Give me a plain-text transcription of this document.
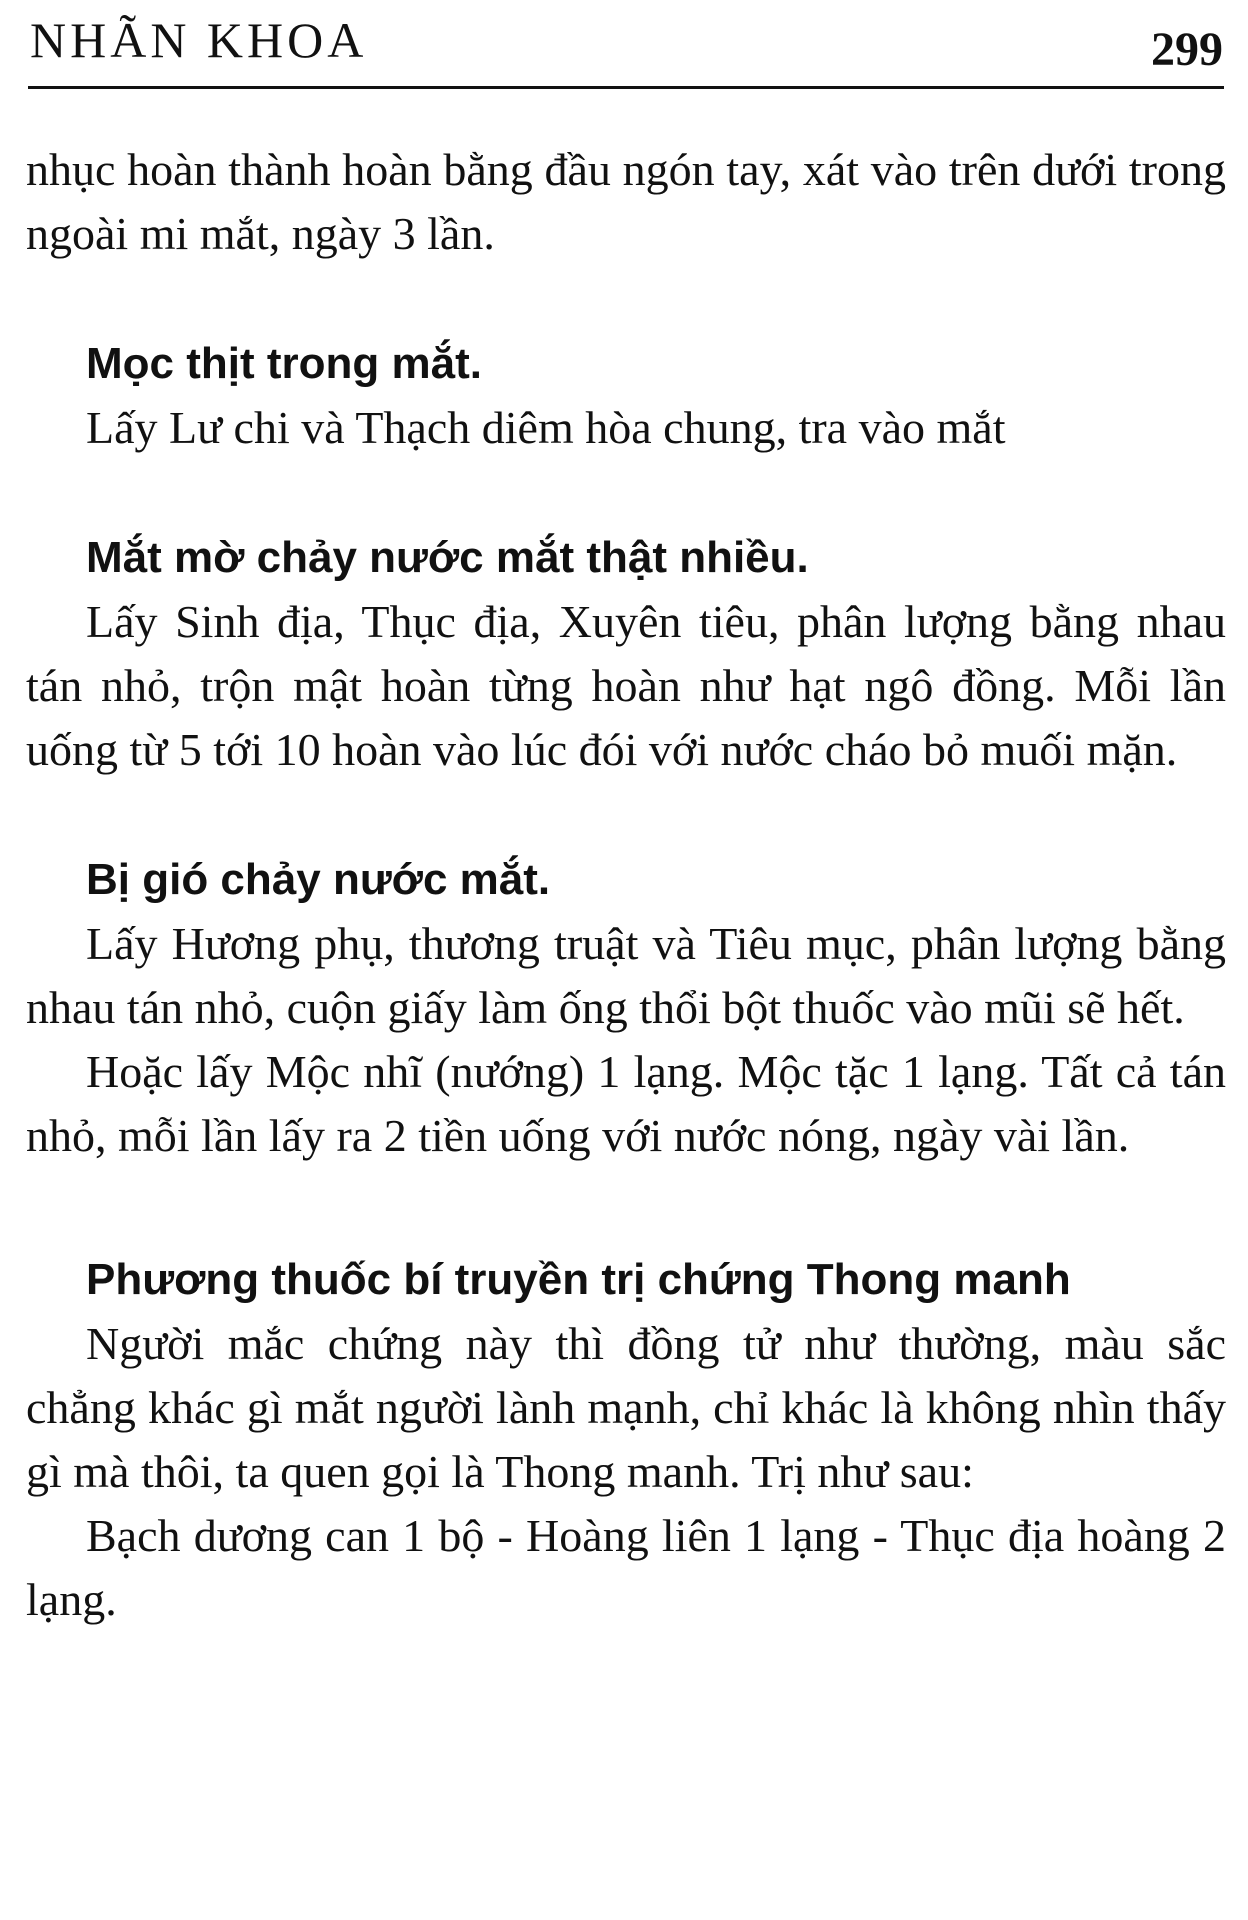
NHÃN KHOA	299

nhục hoàn thành hoàn bằng đầu ngón tay, xát vào trên dưới trong ngoài mi mắt, ngày 3 lần.

Mọc thịt trong mắt.

Lấy Lư chi và Thạch diêm hòa chung, tra vào mắt

Mắt mờ chảy nước mắt thật nhiều.

Lấy Sinh địa, Thục địa, Xuyên tiêu, phân lượng bằng nhau tán nhỏ, trộn mật hoàn từng hoàn như hạt ngô đồng. Mỗi lần uống từ 5 tới 10 hoàn vào lúc đói với nước cháo bỏ muối mặn.

Bị gió chảy nước mắt.

Lấy Hương phụ, thương truật và Tiêu mục, phân lượng bằng nhau tán nhỏ, cuộn giấy làm ống thổi bột thuốc vào mũi sẽ hết.

Hoặc lấy Mộc nhĩ (nướng) 1 lạng. Mộc tặc 1 lạng. Tất cả tán nhỏ, mỗi lần lấy ra 2 tiền uống với nước nóng, ngày vài lần.

Phương thuốc bí truyền trị chứng Thong manh

Người mắc chứng này thì đồng tử như thường, màu sắc chẳng khác gì mắt người lành mạnh, chỉ khác là không nhìn thấy gì mà thôi, ta quen gọi là Thong manh. Trị như sau:

Bạch dương can 1 bộ - Hoàng liên 1 lạng - Thục địa hoàng 2 lạng.
